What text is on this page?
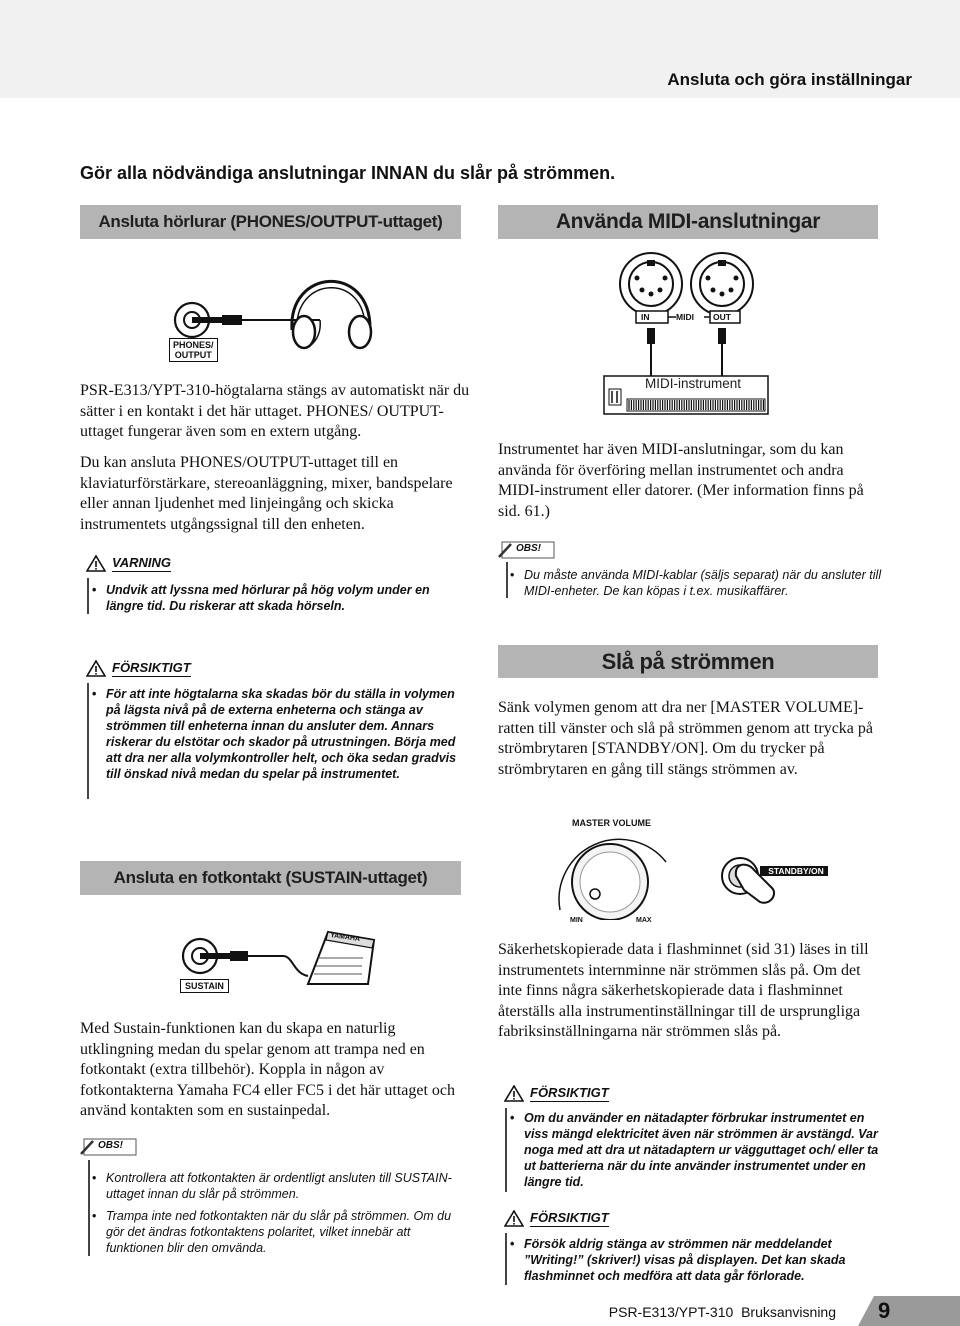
Ansluta och göra inställningar
Gör alla nödvändiga anslutningar INNAN du slår på strömmen.
Ansluta hörlurar (PHONES/OUTPUT-uttaget)
PHONES/
OUTPUT
PSR-E313/YPT-310-högtalarna stängs av automatiskt när du sätter i en kontakt i det här uttaget. PHONES/ OUTPUT-uttaget fungerar även som en extern utgång.
Du kan ansluta PHONES/OUTPUT-uttaget till en klaviaturförstärkare, stereoanläggning, mixer, bandspelare eller annan ljudenhet med linjeingång och skicka instrumentets utgångssignal till den enheten.
VARNING
• Undvik att lyssna med hörlurar på hög volym under en längre tid. Du riskerar att skada hörseln.
FÖRSIKTIGT
• För att inte högtalarna ska skadas bör du ställa in volymen på lägsta nivå på de externa enheterna och stänga av strömmen till enheterna innan du ansluter dem. Annars riskerar du elstötar och skador på utrustningen. Börja med att dra ner alla volymkontroller helt, och öka sedan gradvis till önskad nivå medan du spelar på instrumentet.
Ansluta en fotkontakt (SUSTAIN-uttaget)
YAMAHA
SUSTAIN
Med Sustain-funktionen kan du skapa en naturlig utklingning medan du spelar genom att trampa ned en fotkontakt (extra tillbehör). Koppla in någon av fotkontakterna Yamaha FC4 eller FC5 i det här uttaget och använd kontakten som en sustainpedal.
OBS!
• Kontrollera att fotkontakten är ordentligt ansluten till SUSTAIN-uttaget innan du slår på strömmen.
• Trampa inte ned fotkontakten när du slår på strömmen. Om du gör det ändras fotkontaktens polaritet, vilket innebär att funktionen blir den omvända.
Använda MIDI-anslutningar
IN	MIDI OUT
MIDI-instrument
Instrumentet har även MIDI-anslutningar, som du kan använda för överföring mellan instrumentet och andra MIDI-instrument eller datorer. (Mer information finns på sid. 61.)
OBS!
• Du måste använda MIDI-kablar (säljs separat) när du ansluter till MIDI-enheter. De kan köpas i t.ex. musikaffärer.
Slå på strömmen
Sänk volymen genom att dra ner [MASTER VOLUME]-ratten till vänster och slå på strömmen genom att trycka på strömbrytaren [STANDBY/ON]. Om du trycker på strömbrytaren en gång till stängs strömmen av.
MASTER VOLUME
STANDBY/ON
MIN	MAX
Säkerhetskopierade data i flashminnet (sid 31) läses in till instrumentets internminne när strömmen slås på. Om det inte finns några säkerhetskopierade data i flashminnet återställs alla instrumentinställningar till de ursprungliga fabriksinställningarna när strömmen slås på.
FÖRSIKTIGT
• Om du använder en nätadapter förbrukar instrumentet en viss mängd elektricitet även när strömmen är avstängd. Var noga med att dra ut nätadaptern ur vägguttaget och/ eller ta ut batterierna när du inte använder instrumentet under en längre tid.
FÖRSIKTIGT
• Försök aldrig stänga av strömmen när meddelandet ”Writing!” (skriver!) visas på displayen. Det kan skada flashminnet och medföra att data går förlorade.
PSR-E313/YPT-310 Bruksanvisning 9
